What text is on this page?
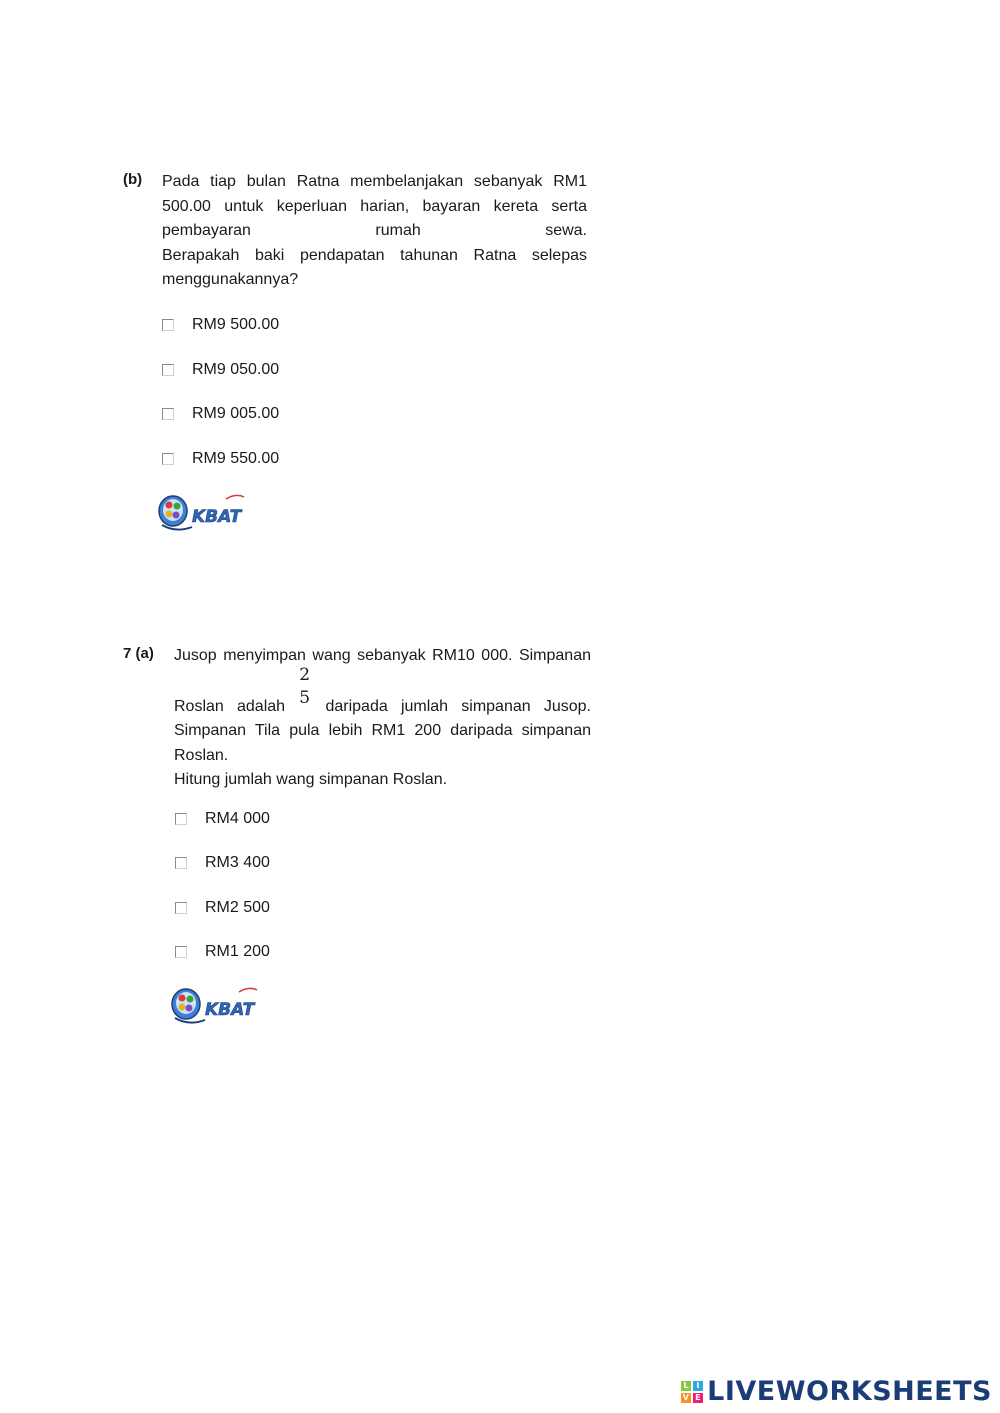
(b) Pada tiap bulan Ratna membelanjakan sebanyak RM1
500.00 untuk keperluan harian, bayaran kereta serta
pembayaran rumah sewa.
Berapakah baki pendapatan tahunan Ratna selepas
menggunakannya?
RM9 500.00
RM9 050.00
RM9 005.00
RM9 550.00
KBAT
7 (a) Jusop menyimpan wang sebanyak RM10 000. Simpanan
Roslan adalah
2
5 daripada jumlah simpanan Jusop.
Simpanan Tila pula lebih RM1 200 daripada simpanan
Roslan.
Hitung jumlah wang simpanan Roslan.
RM4 000
RM3 400
RM2 500
RM1 200
KBAT
L I
V E LIVEWORKSHEETS
